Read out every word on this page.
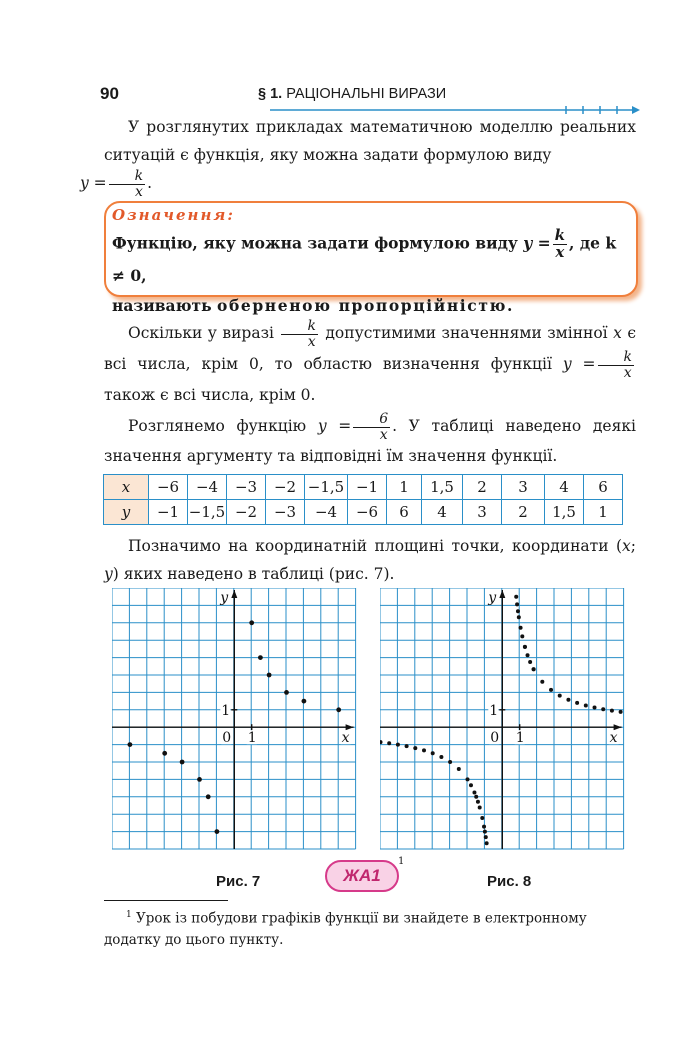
90	§ 1. РАЦІОНАЛЬНІ ВИРАЗИ
У розглянутих прикладах математичною моделлю реальних ситуацій є функція, яку можна задати формулою виду
$y = \frac{k}{x}$ .
Означення:
Функцію, яку можна задати формулою виду $y = \frac{k}{x}$ , де k ≠ 0,
називають оберненою пропорційністю.
Оскільки у виразі $\frac{k}{x}$ допустимими значеннями змінної x є всі числа, крім 0, то областю визначення функції $y = \frac{k}{x}$
також є всі числа, крім 0.
Розглянемо функцію $y = \frac{6}{x}$ . У таблиці наведено деякі значення аргументу та відповідні їм значення функції.
x	−6	−4	−3	−2	−1,5	−1	1	1,5	2	3	4	6
y	−1	−1,5	−2	−3	−4	−6	6	4	3	2	1,5	1
Позначимо на координатній площині точки, координати (x; y) яких наведено в таблиці (рис. 7).
x
y
0 1
1
Рис. 7
x
y
0 1
1
Рис. 8
ЖА1
1
$^1$ Урок із побудови графіків функції ви знайдете в електронному додатку до цього пункту.
